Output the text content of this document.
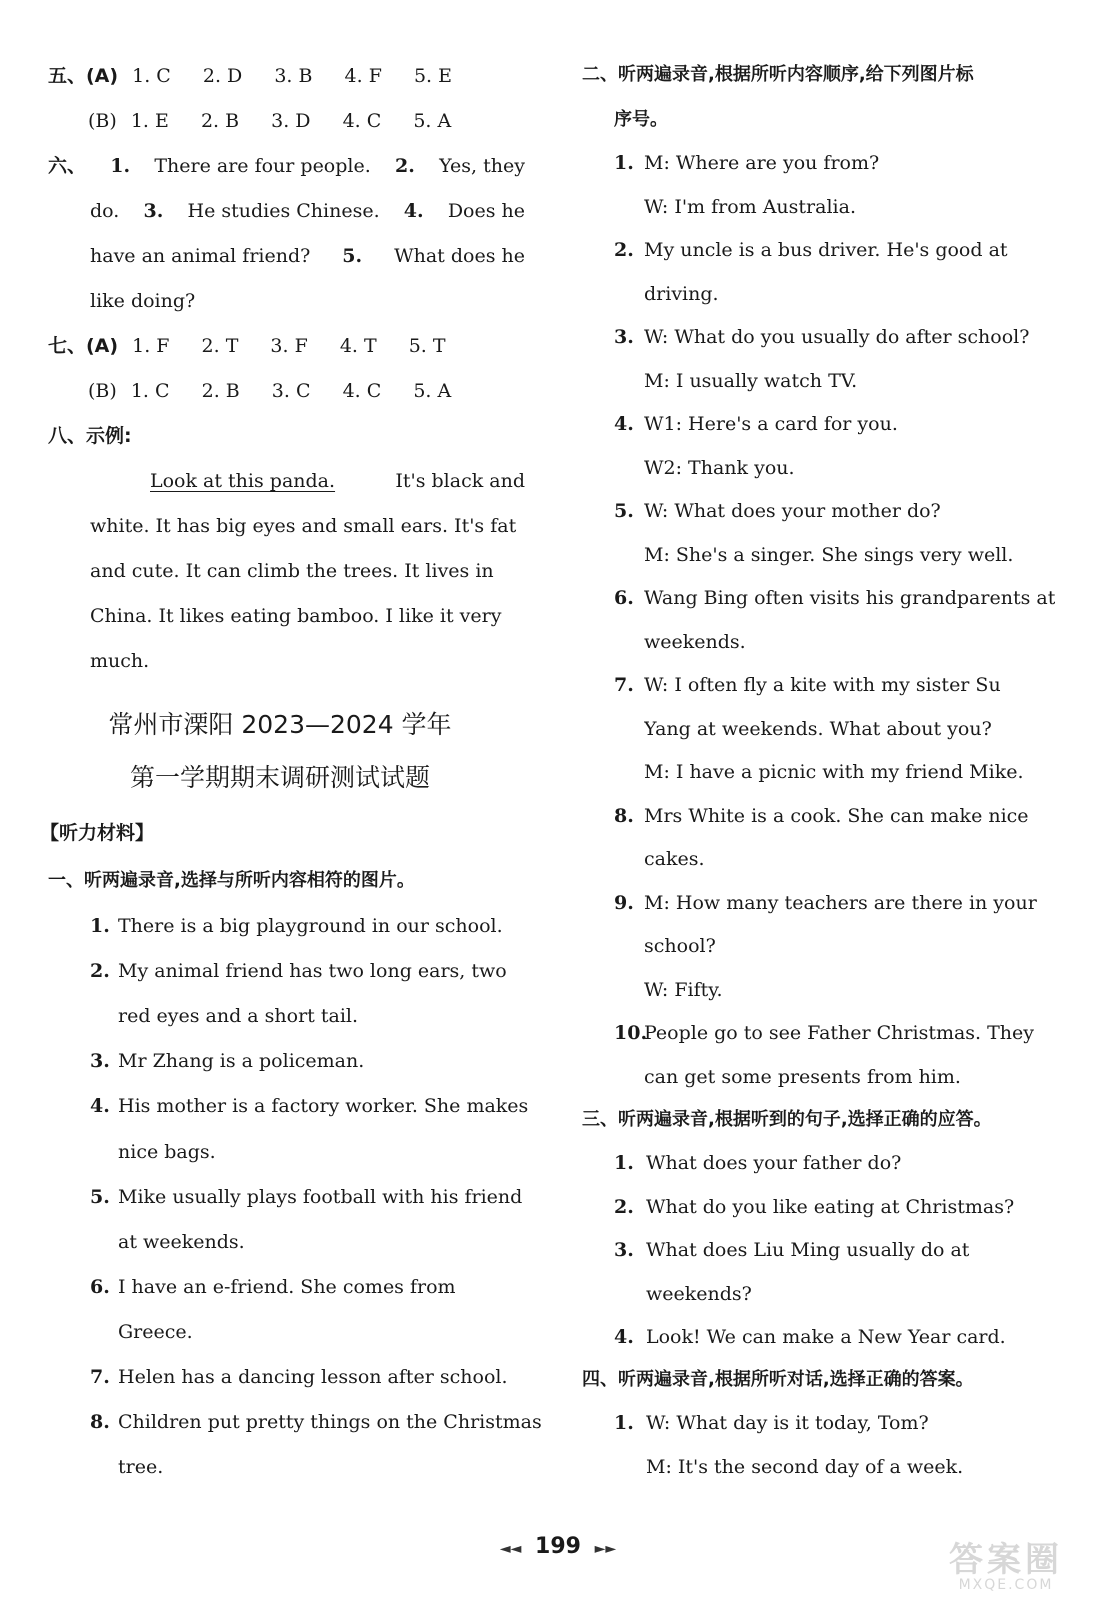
五、(A) 1. C 2. D 3. B 4. F 5. E
(B) 1. E 2. B 3. D 4. C 5. A
六、 1. There are four people. 2. Yes, they
do. 3. He studies Chinese. 4. Does he
have an animal friend? 5. What does he
like doing?
七、(A) 1. F 2. T 3. F 4. T 5. T
(B) 1. C 2. B 3. C 4. C 5. A
八、示例:
Look at this panda.	It's black and
white. It has big eyes and small ears. It's fat
and cute. It can climb the trees. It lives in
China. It likes eating bamboo. I like it very
much.
常州市溧阳 2023—2024 学年
第一学期期末调研测试试题
【听力材料】
一、听两遍录音,选择与所听内容相符的图片。
1. There is a big playground in our school.
2. My animal friend has two long ears, two
red eyes and a short tail.
3. Mr Zhang is a policeman.
4. His mother is a factory worker. She makes
nice bags.
5. Mike usually plays football with his friend
at weekends.
6. I have an e-friend. She comes from
Greece.
7. Helen has a dancing lesson after school.
8. Children put pretty things on the Christmas
tree.
二、听两遍录音,根据所听内容顺序,给下列图片标
序号。
1. M: Where are you from?
W: I'm from Australia.
2. My uncle is a bus driver. He's good at
driving.
3. W: What do you usually do after school?
M: I usually watch TV.
4. W1: Here's a card for you.
W2: Thank you.
5. W: What does your mother do?
M: She's a singer. She sings very well.
6. Wang Bing often visits his grandparents at
weekends.
7. W: I often fly a kite with my sister Su
Yang at weekends. What about you?
M: I have a picnic with my friend Mike.
8. Mrs White is a cook. She can make nice
cakes.
9. M: How many teachers are there in your
school?
W: Fifty.
10.
People go to see Father Christmas. They
can get some presents from him.
三、听两遍录音,根据听到的句子,选择正确的应答。
1. What does your father do?
2. What do you like eating at Christmas?
3. What does Liu Ming usually do at
weekends?
4. Look! We can make a New Year card.
四、听两遍录音,根据所听对话,选择正确的答案。
1. W: What day is it today, Tom?
M: It's the second day of a week.
◄◄ 199 ►►	答案圈
MXQE.COM
